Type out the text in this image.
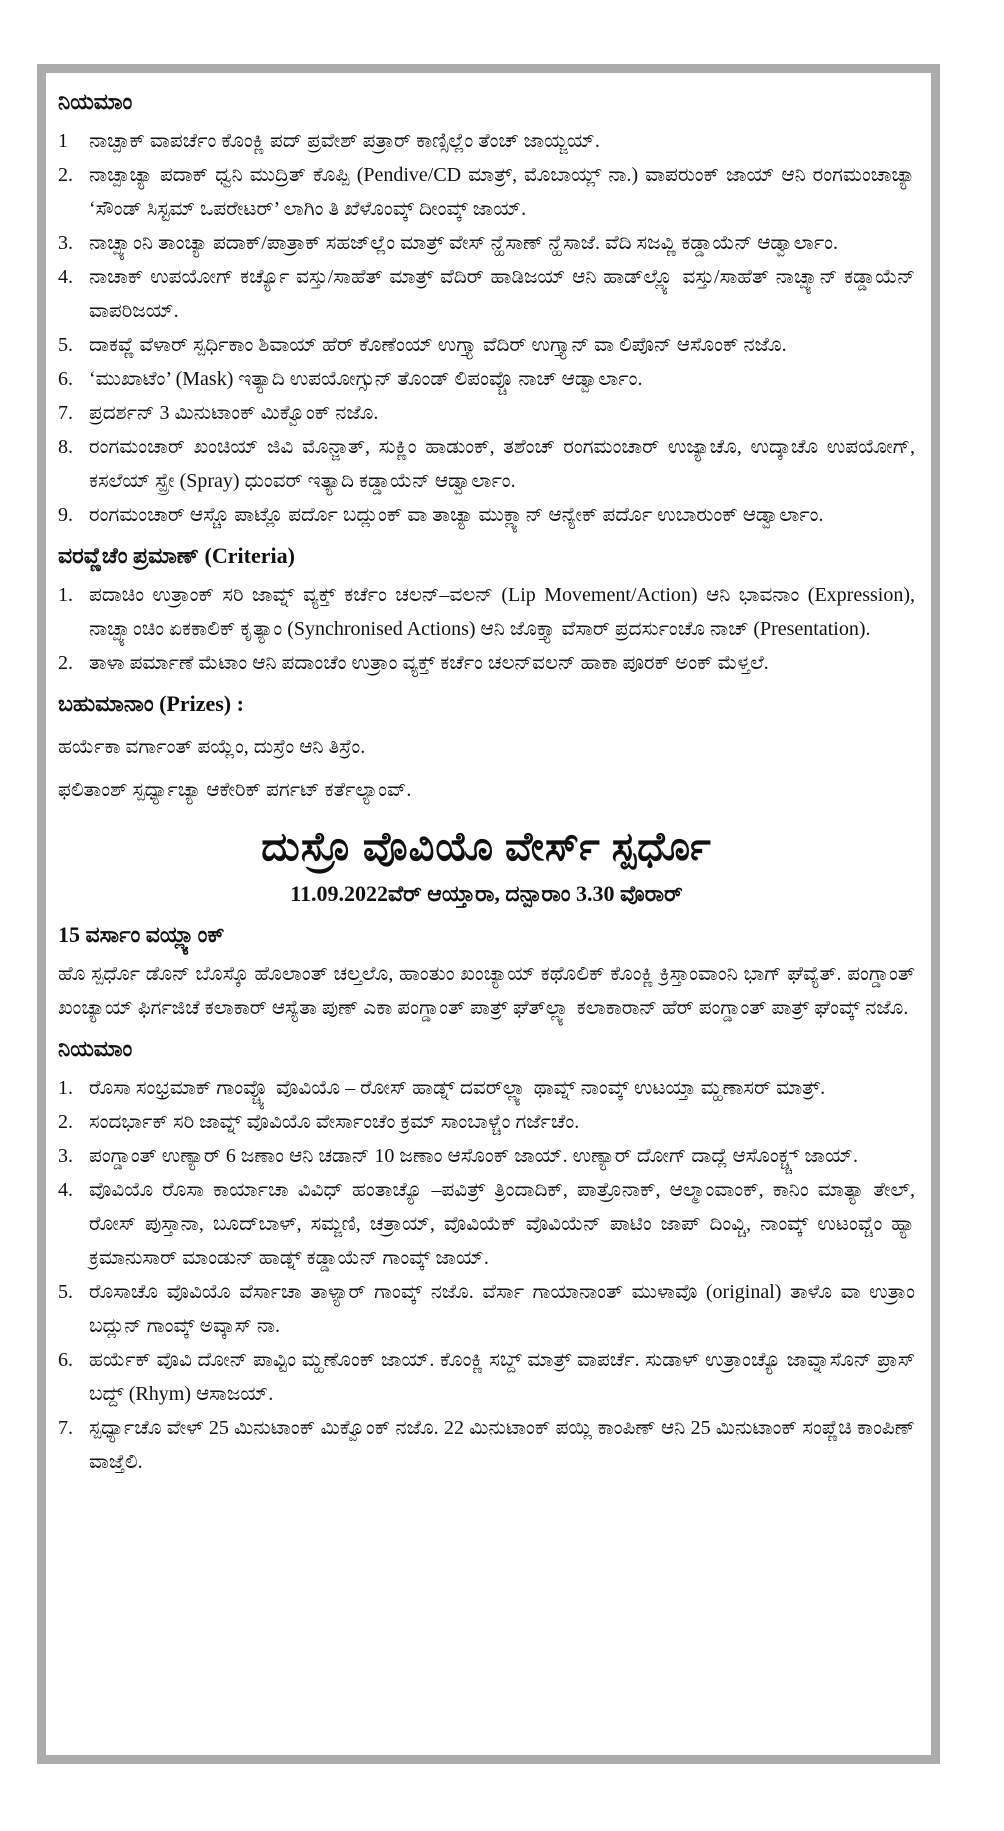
ನಿಯಮಾಂ
1	ನಾಚ್ಪಾಕ್ ವಾಪರ್ಚೆಂ ಕೊಂಕ್ಣಿ ಪದ್ ಪ್ರವೇಶ್ ಪತ್ರಾರ್ ಕಾಣ್ಸಿಲ್ಲೆಂ ತೆಂಚ್ ಜಾಯ್ಜಯ್.
2. ನಾಚ್ಪಾಚ್ಯಾ ಪದಾಕ್ ಧ್ವನಿ ಮುದ್ರಿತ್ ಕೊಪ್ಪಿ (Pendive/CD ಮಾತ್ರ್, ಮೊಬಾಯ್ಲ್ ನಾ.) ವಾಪರುಂಕ್ ಜಾಯ್ ಆನಿ ರಂಗಮಂಚಾಚ್ಯಾ ‘ಸೌಂಡ್ ಸಿಸ್ಟಮ್ ಒಪರೇಟರ್’ ಲಾಗಿಂ ತಿ ಖೆಳೊಂವ್ಕ್ ದೀಂವ್ಕ್ ಜಾಯ್.
3. ನಾಚ್ಪ್ಯಾಂನಿ ತಾಂಚ್ಯಾ ಪದಾಕ್/ಪಾತ್ರಾಕ್ ಸಹಜ್‌ಲ್ಲೆಂ ಮಾತ್ರ್ ವೇಸ್ ನ್ಹೆಸಾಣ್ ನ್ಹೆಸಾಜೆ. ವೆದಿ ಸಜವ್ಣಿ ಕಡ್ಡಾಯೆನ್ ಆಡ್ವಾರ್ಲಾಂ.
4. ನಾಚಾಕ್ ಉಪಯೋಗ್ ಕರ್ಚ್ಯೊ ವಸ್ತು/ಸಾಹೆತ್ ಮಾತ್ರ್ ವೆದಿರ್ ಹಾಡಿಜಯ್ ಆನಿ ಹಾಡ್‌ಲ್ಲ್ಯೊ ವಸ್ತು/ಸಾಹೆತ್ ನಾಚ್ಪ್ಯಾನ್ ಕಡ್ಡಾಯೆನ್ ವಾಪರಿಜಯ್.
5. ದಾಕವ್ಣೆ ವೆಳಾರ್ ಸ್ಪರ್ಧಿಕಾಂ ಶಿವಾಯ್ ಹೆರ್ ಕೊಣೆಂಯ್ ಉಗ್ತ್ಯಾ ವೆದಿರ್ ಉಗ್ತ್ಯಾನ್ ವಾ ಲಿಪೊನ್ ಆಸೊಂಕ್ ನಜೊ.
6. ‘ಮುಖಾಟೆಂ’ (Mask) ಇತ್ಯಾದಿ ಉಪಯೋಗ್ಸುನ್ ತೊಂಡ್ ಲಿಪಂವ್ಚೊ ನಾಚ್ ಆಡ್ವಾರ್ಲಾಂ.
7. ಪ್ರದರ್ಶನ್ 3 ಮಿನುಟಾಂಕ್ ಮಿಕ್ವೊಂಕ್ ನಜೊ.
8. ರಂಗಮಂಚಾರ್ ಖಂಚಿಯ್ ಜಿವಿ ಮೊನ್ಜಾತ್, ಸುಕ್ಣಿಂ ಹಾಡುಂಕ್, ತಶೆಂಚ್ ರಂಗಮಂಚಾರ್ ಉಜ್ಯಾಚೊ, ಉದ್ಕಾಚೊ ಉಪಯೋಗ್, ಕಸಲೆಯ್ ಸ್ಪ್ರೇ (Spray) ಧುಂವರ್ ಇತ್ಯಾದಿ ಕಡ್ಡಾಯೆನ್ ಆಡ್ವಾರ್ಲಾಂ.
9. ರಂಗಮಂಚಾರ್ ಆಸ್ಚೊ ಪಾಟ್ಲೊ ಪರ್ದೊ ಬದ್ಲುಂಕ್ ವಾ ತಾಚ್ಯಾ ಮುಕ್ಲ್ಯಾನ್ ಆನ್ಯೇಕ್ ಪರ್ದೊ ಉಬಾರುಂಕ್ ಆಡ್ವಾರ್ಲಾಂ.
ವರವ್ಣೆಚೆಂ ಪ್ರಮಾಣ್ (Criteria)
1. ಪದಾಚಿಂ ಉತ್ರಾಂಕ್ ಸರಿ ಜಾವ್ನ್ ವ್ಯಕ್ತ್ ಕರ್ಚೆಂ ಚಲನ್–ವಲನ್ (Lip Movement/Action) ಆನಿ ಭಾವನಾಂ (Expression), ನಾಚ್ಪ್ಯಾಂಚಿಂ ಏಕಕಾಲಿಕ್ ಕೃತ್ಯಾಂ (Synchronised Actions) ಆನಿ ಜೊಕ್ತ್ಯಾ ವೆಸಾರ್ ಪ್ರದರ್ಸುಂಚೊ ನಾಚ್ (Presentation).
2. ತಾಳಾ ಪರ್ಮಾಣೆ ಮೆಟಾಂ ಆನಿ ಪದಾಂಚೆಂ ಉತ್ರಾಂ ವ್ಯಕ್ತ್ ಕರ್ಚೆಂ ಚಲನ್‌ವಲನ್ ಹಾಕಾ ಪೂರಕ್ ಅಂಕ್ ಮೆಳ್ತಲೆ.
ಬಹುಮಾನಾಂ (Prizes) :

ಹರ್ಯೆಕಾ ವರ್ಗಾಂತ್ ಪಯ್ಲೆಂ, ದುಸ್ರೆಂ ಆನಿ ತಿಸ್ರೆಂ.

ಫಲಿತಾಂಶ್ ಸ್ಪರ್ಧ್ಯಾಚ್ಯಾ ಆಕೇರಿಕ್ ಪರ್ಗಟ್ ಕರ್ತೆಲ್ಯಾಂವ್.

ದುಸ್ರೊ ವೊವಿಯೊ ವೇರ್ಸ್ ಸ್ಪರ್ಧೊ
11.09.2022ವೆರ್ ಆಯ್ತಾರಾ, ದನ್ಪಾರಾಂ 3.30 ವೊರಾರ್
15 ವರ್ಸಾಂ ವಯ್ಲ್ಯಾಂಕ್

ಹೊ ಸ್ಪರ್ಧೊ ಡೊನ್ ಬೊಸ್ಕೊ ಹೊಲಾಂತ್ ಚಲ್ತಲೊ, ಹಾಂತುಂ ಖಂಚ್ಯಾಯ್ ಕಥೊಲಿಕ್ ಕೊಂಕ್ಣಿ ಕ್ರಿಸ್ತಾಂವಾಂನಿ ಭಾಗ್ ಘೆವ್ಯೆತ್. ಪಂಗ್ಡಾಂತ್ ಖಂಚ್ಯಾಯ್ ಫಿರ್ಗಜಿಚೆ ಕಲಾಕಾರ್ ಆಸ್ಯೆತಾ ಪುಣ್ ಎಕಾ ಪಂಗ್ಡಾಂತ್ ಪಾತ್ರ್ ಘೆತ್‌ಲ್ಲ್ಯಾ ಕಲಾಕಾರಾನ್ ಹೆರ್ ಪಂಗ್ಡಾಂತ್ ಪಾತ್ರ್ ಘೆಂವ್ಕ್ ನಜೊ.

ನಿಯಮಾಂ
1. ರೊಸಾ ಸಂಭ್ರಮಾಕ್ ಗಾಂವ್ಚ್ಯೊ ವೊವಿಯೊ – ರೋಸ್ ಹಾಡ್ನ್ ದವರ್‌ಲ್ಲ್ಯಾ ಥಾವ್ನ್ ನಾಂವ್ಕ್ ಉಟಯ್ತಾ ಮ್ಹಣಾಸರ್ ಮಾತ್ರ್.
2. ಸಂದರ್ಭಾಕ್ ಸರಿ ಜಾವ್ನ್ ವೊವಿಯೊ ವೇರ್ಸಾಂಚೆಂ ಕ್ರಮ್ ಸಾಂಬಾಳ್ಚೆಂ ಗರ್ಜೆಚೆಂ.
3. ಪಂಗ್ಡಾಂತ್ ಉಣ್ಯಾರ್ 6 ಜಣಾಂ ಆನಿ ಚಡಾನ್ 10 ಜಣಾಂ ಆಸೊಂಕ್ ಜಾಯ್. ಉಣ್ಯಾರ್ ದೋಗ್ ದಾದ್ಲೆ ಆಸೊಂಕ್ಚ್ಚ್ ಜಾಯ್.
4. ವೊವಿಯೊ ರೊಸಾ ಕಾರ್ಯಾಚಾ ವಿವಿಧ್ ಹಂತಾಚ್ಯೊ –ಪವಿತ್ರ್ ತ್ರಿಂದಾದಿಕ್, ಪಾತ್ರೊನಾಕ್, ಆಲ್ಮಾಂವಾಂಕ್, ಕಾನಿಂ ಮಾತ್ಯಾ ತೇಲ್, ರೋಸ್ ಪುಸ್ತಾನಾ, ಬೂದ್‌ಬಾಳ್, ಸಮ್ಜಣಿ, ಚತ್ರಾಯ್, ವೊವಿಯೆಕ್ ವೊವಿಯೆನ್ ಪಾಟಿಂ ಜಾಪ್ ದಿಂವ್ಚಿ, ನಾಂವ್ಕ್ ಉಟಂವ್ಚೆಂ ಹ್ಯಾ ಕ್ರಮಾನುಸಾರ್ ಮಾಂಡುನ್ ಹಾಡ್ನ್ ಕಡ್ಡಾಯೆನ್ ಗಾಂವ್ಕ್ ಜಾಯ್.
5. ರೊಸಾಚೊ ವೊವಿಯೊ ವೆರ್ಸಾಚಾ ತಾಳ್ಯಾರ್ ಗಾಂವ್ಕ್ ನಜೊ. ವೆರ್ಸಾ ಗಾಯಾನಾಂತ್ ಮುಳಾವೊ (original) ತಾಳೊ ವಾ ಉತ್ರಾಂ ಬದ್ಲುನ್ ಗಾಂವ್ಕ್ ಅವ್ಕಾಸ್ ನಾ.
6. ಹರ್ಯೆಕ್ ವೊವಿ ದೋನ್ ಪಾವ್ಟಿಂ ಮ್ಹಣೊಂಕ್ ಜಾಯ್. ಕೊಂಕ್ಣಿ ಸಬ್ದ್ ಮಾತ್ರ್ ವಾಪರ್ಚೆ. ಸುಡಾಳ್ ಉತ್ರಾಂಚ್ಯೊ ಜಾವ್ನಾಸೊನ್ ಪ್ರಾಸ್ ಬದ್ದ್ (Rhym) ಆಸಾಜಯ್.
7. ಸ್ಪರ್ಧ್ಯಾಚೊ ವೇಳ್ 25 ಮಿನುಟಾಂಕ್ ಮಿಕ್ವೊಂಕ್ ನಜೊ. 22 ಮಿನುಟಾಂಕ್ ಪಯ್ಲಿ ಕಾಂಪಿಣ್ ಆನಿ 25 ಮಿನುಟಾಂಕ್ ಸಂಪ್ಣೆಚಿ ಕಾಂಪಿಣ್ ವಾಜ್ತೆಲಿ.
